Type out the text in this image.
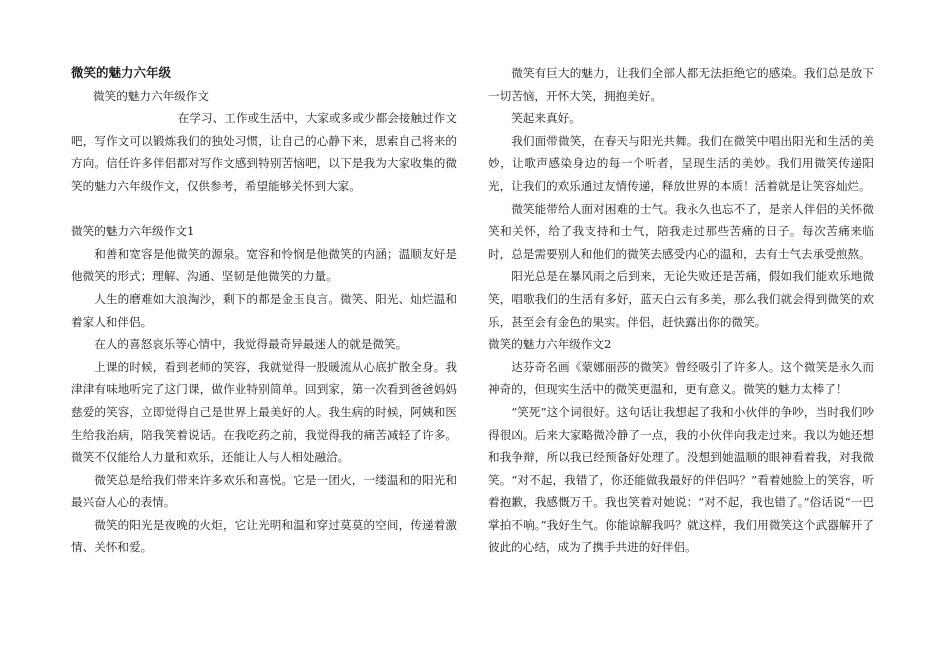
微笑的魅力六年级

微笑的魅力六年级作文

在学习、工作或生活中，大家或多或少都会接触过作文吧，写作文可以锻炼我们的独处习惯，让自己的心静下来，思索自己将来的方向。信任许多伴侣都对写作文感到特别苦恼吧，以下是我为大家收集的微笑的魅力六年级作文，仅供参考，希望能够关怀到大家。

微笑的魅力六年级作文1

和善和宽容是他微笑的源泉。宽容和怜悯是他微笑的内涵；温顺友好是他微笑的形式；理解、沟通、坚韧是他微笑的力量。

人生的磨难如大浪淘沙，剩下的都是金玉良言。微笑、阳光、灿烂温和着家人和伴侣。

在人的喜怒哀乐等心情中，我觉得最奇异最迷人的就是微笑。

上课的时候，看到老师的笑容，我就觉得一股暖流从心底扩散全身。我津津有味地听完了这门课，做作业特别简单。回到家，第一次看到爸爸妈妈慈爱的笑容，立即觉得自己是世界上最美好的人。我生病的时候，阿姨和医生给我治病，陪我笑着说话。在我吃药之前，我觉得我的痛苦减轻了许多。微笑不仅能给人力量和欢乐，还能让人与人相处融洽。

微笑总是给我们带来许多欢乐和喜悦。它是一团火，一缕温和的阳光和最兴奋人心的表情。

微笑的阳光是夜晚的火炬，它让光明和温和穿过莫莫的空间，传递着激情、关怀和爱。

微笑有巨大的魅力，让我们全部人都无法拒绝它的感染。我们总是放下一切苦恼，开怀大笑，拥抱美好。

笑起来真好。

我们面带微笑，在春天与阳光共舞。我们在微笑中唱出阳光和生活的美妙，让歌声感染身边的每一个听者，呈现生活的美妙。我们用微笑传递阳光，让我们的欢乐通过友情传递，释放世界的本质！活着就是让笑容灿烂。

微笑能带给人面对困难的士气。我永久也忘不了，是亲人伴侣的关怀微笑和关怀，给了我支持和士气，陪我走过那些苦痛的日子。每次苦痛来临时，总是需要别人和他们的微笑去感受内心的温和，去有士气去承受煎熬。

阳光总是在暴风雨之后到来，无论失败还是苦痛，假如我们能欢乐地微笑，唱歌我们的生活有多好，蓝天白云有多美，那么我们就会得到微笑的欢乐，甚至会有金色的果实。伴侣，赶快露出你的微笑。

微笑的魅力六年级作文2

达芬奇名画《蒙娜丽莎的微笑》曾经吸引了许多人。这个微笑是永久而神奇的，但现实生活中的微笑更温和，更有意义。微笑的魅力太棒了！

“笑死”这个词很好。这句话让我想起了我和小伙伴的争吵，当时我们吵得很凶。后来大家略微冷静了一点，我的小伙伴向我走过来。我以为她还想和我争辩，所以我已经预备好处理了。没想到她温顺的眼神看着我，对我微笑。“对不起，我错了，你还能做我最好的伴侣吗？”看着她脸上的笑容，听着抱歉，我感慨万千。我也笑着对她说：“对不起，我也错了。”俗话说“一巴掌拍不响。”我好生气。你能谅解我吗？就这样，我们用微笑这个武器解开了彼此的心结，成为了携手共进的好伴侣。
